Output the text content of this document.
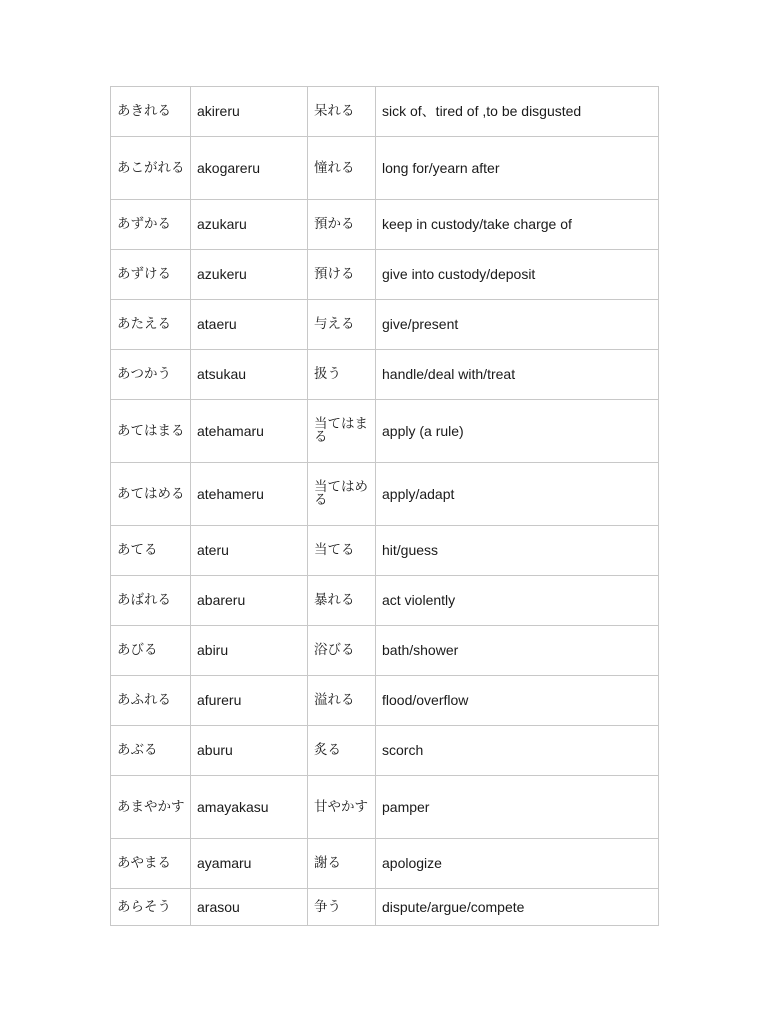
あきれる	akireru	呆れる	sick of、tired of ,to be disgusted
あこがれる	akogareru	憧れる	long for/yearn after
あずかる	azukaru	預かる	keep in custody/take charge of
あずける	azukeru	預ける	give into custody/deposit
あたえる	ataeru	与える	give/present
あつかう	atsukau	扱う	handle/deal with/treat
あてはまる	atehamaru	当てはまる	apply (a rule)
あてはめる	atehameru	当てはめる	apply/adapt
あてる	ateru	当てる	hit/guess
あばれる	abareru	暴れる	act violently
あびる	abiru	浴びる	bath/shower
あふれる	afureru	溢れる	flood/overflow
あぶる	aburu	炙る	scorch
あまやかす	amayakasu	甘やかす	pamper
あやまる	ayamaru	謝る	apologize
あらそう	arasou	争う	dispute/argue/compete
